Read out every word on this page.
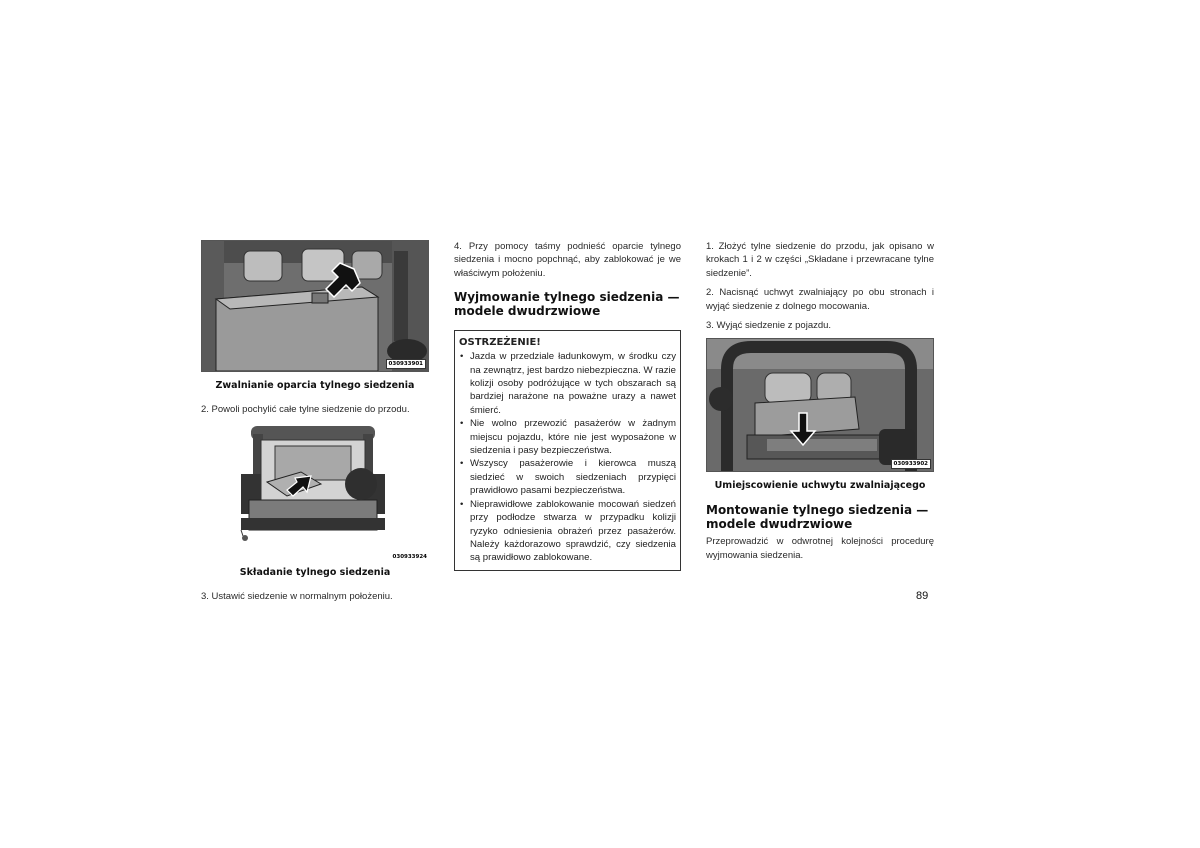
030933901
Zwalnianie oparcia tylnego siedzenia

2. Powoli pochylić całe tylne siedzenie do przodu.

030933924
Składanie tylnego siedzenia

3. Ustawić siedzenie w normalnym położeniu.

4. Przy pomocy taśmy podnieść oparcie tylnego siedzenia i mocno popchnąć, aby zablokować je we właściwym położeniu.

Wyjmowanie tylnego siedzenia — modele dwudrzwiowe
OSTRZEŻENIE!
• Jazda w przedziale ładunkowym, w środku czy na zewnątrz, jest bardzo niebezpieczna. W razie kolizji osoby podróżujące w tych obszarach są bardziej narażone na poważne urazy a nawet śmierć.
• Nie wolno przewozić pasażerów w żadnym miejscu pojazdu, które nie jest wyposażone w siedzenia i pasy bezpieczeństwa.
• Wszyscy pasażerowie i kierowca muszą siedzieć w swoich siedzeniach przypięci prawidłowo pasami bezpieczeństwa.
• Nieprawidłowe zablokowanie mocowań siedzeń przy podłodze stwarza w przypadku kolizji ryzyko odniesienia obrażeń przez pasażerów. Należy każdorazowo sprawdzić, czy siedzenia są prawidłowo zablokowane.

1. Złożyć tylne siedzenie do przodu, jak opisano w krokach 1 i 2 w części „Składane i przewracane tylne siedzenie”.

2. Nacisnąć uchwyt zwalniający po obu stronach i wyjąć siedzenie z dolnego mocowania.

3. Wyjąć siedzenie z pojazdu.

030933902
Umiejscowienie uchwytu zwalniającego
Montowanie tylnego siedzenia — modele dwudrzwiowe

Przeprowadzić w odwrotnej kolejności procedurę wyjmowania siedzenia.

89
